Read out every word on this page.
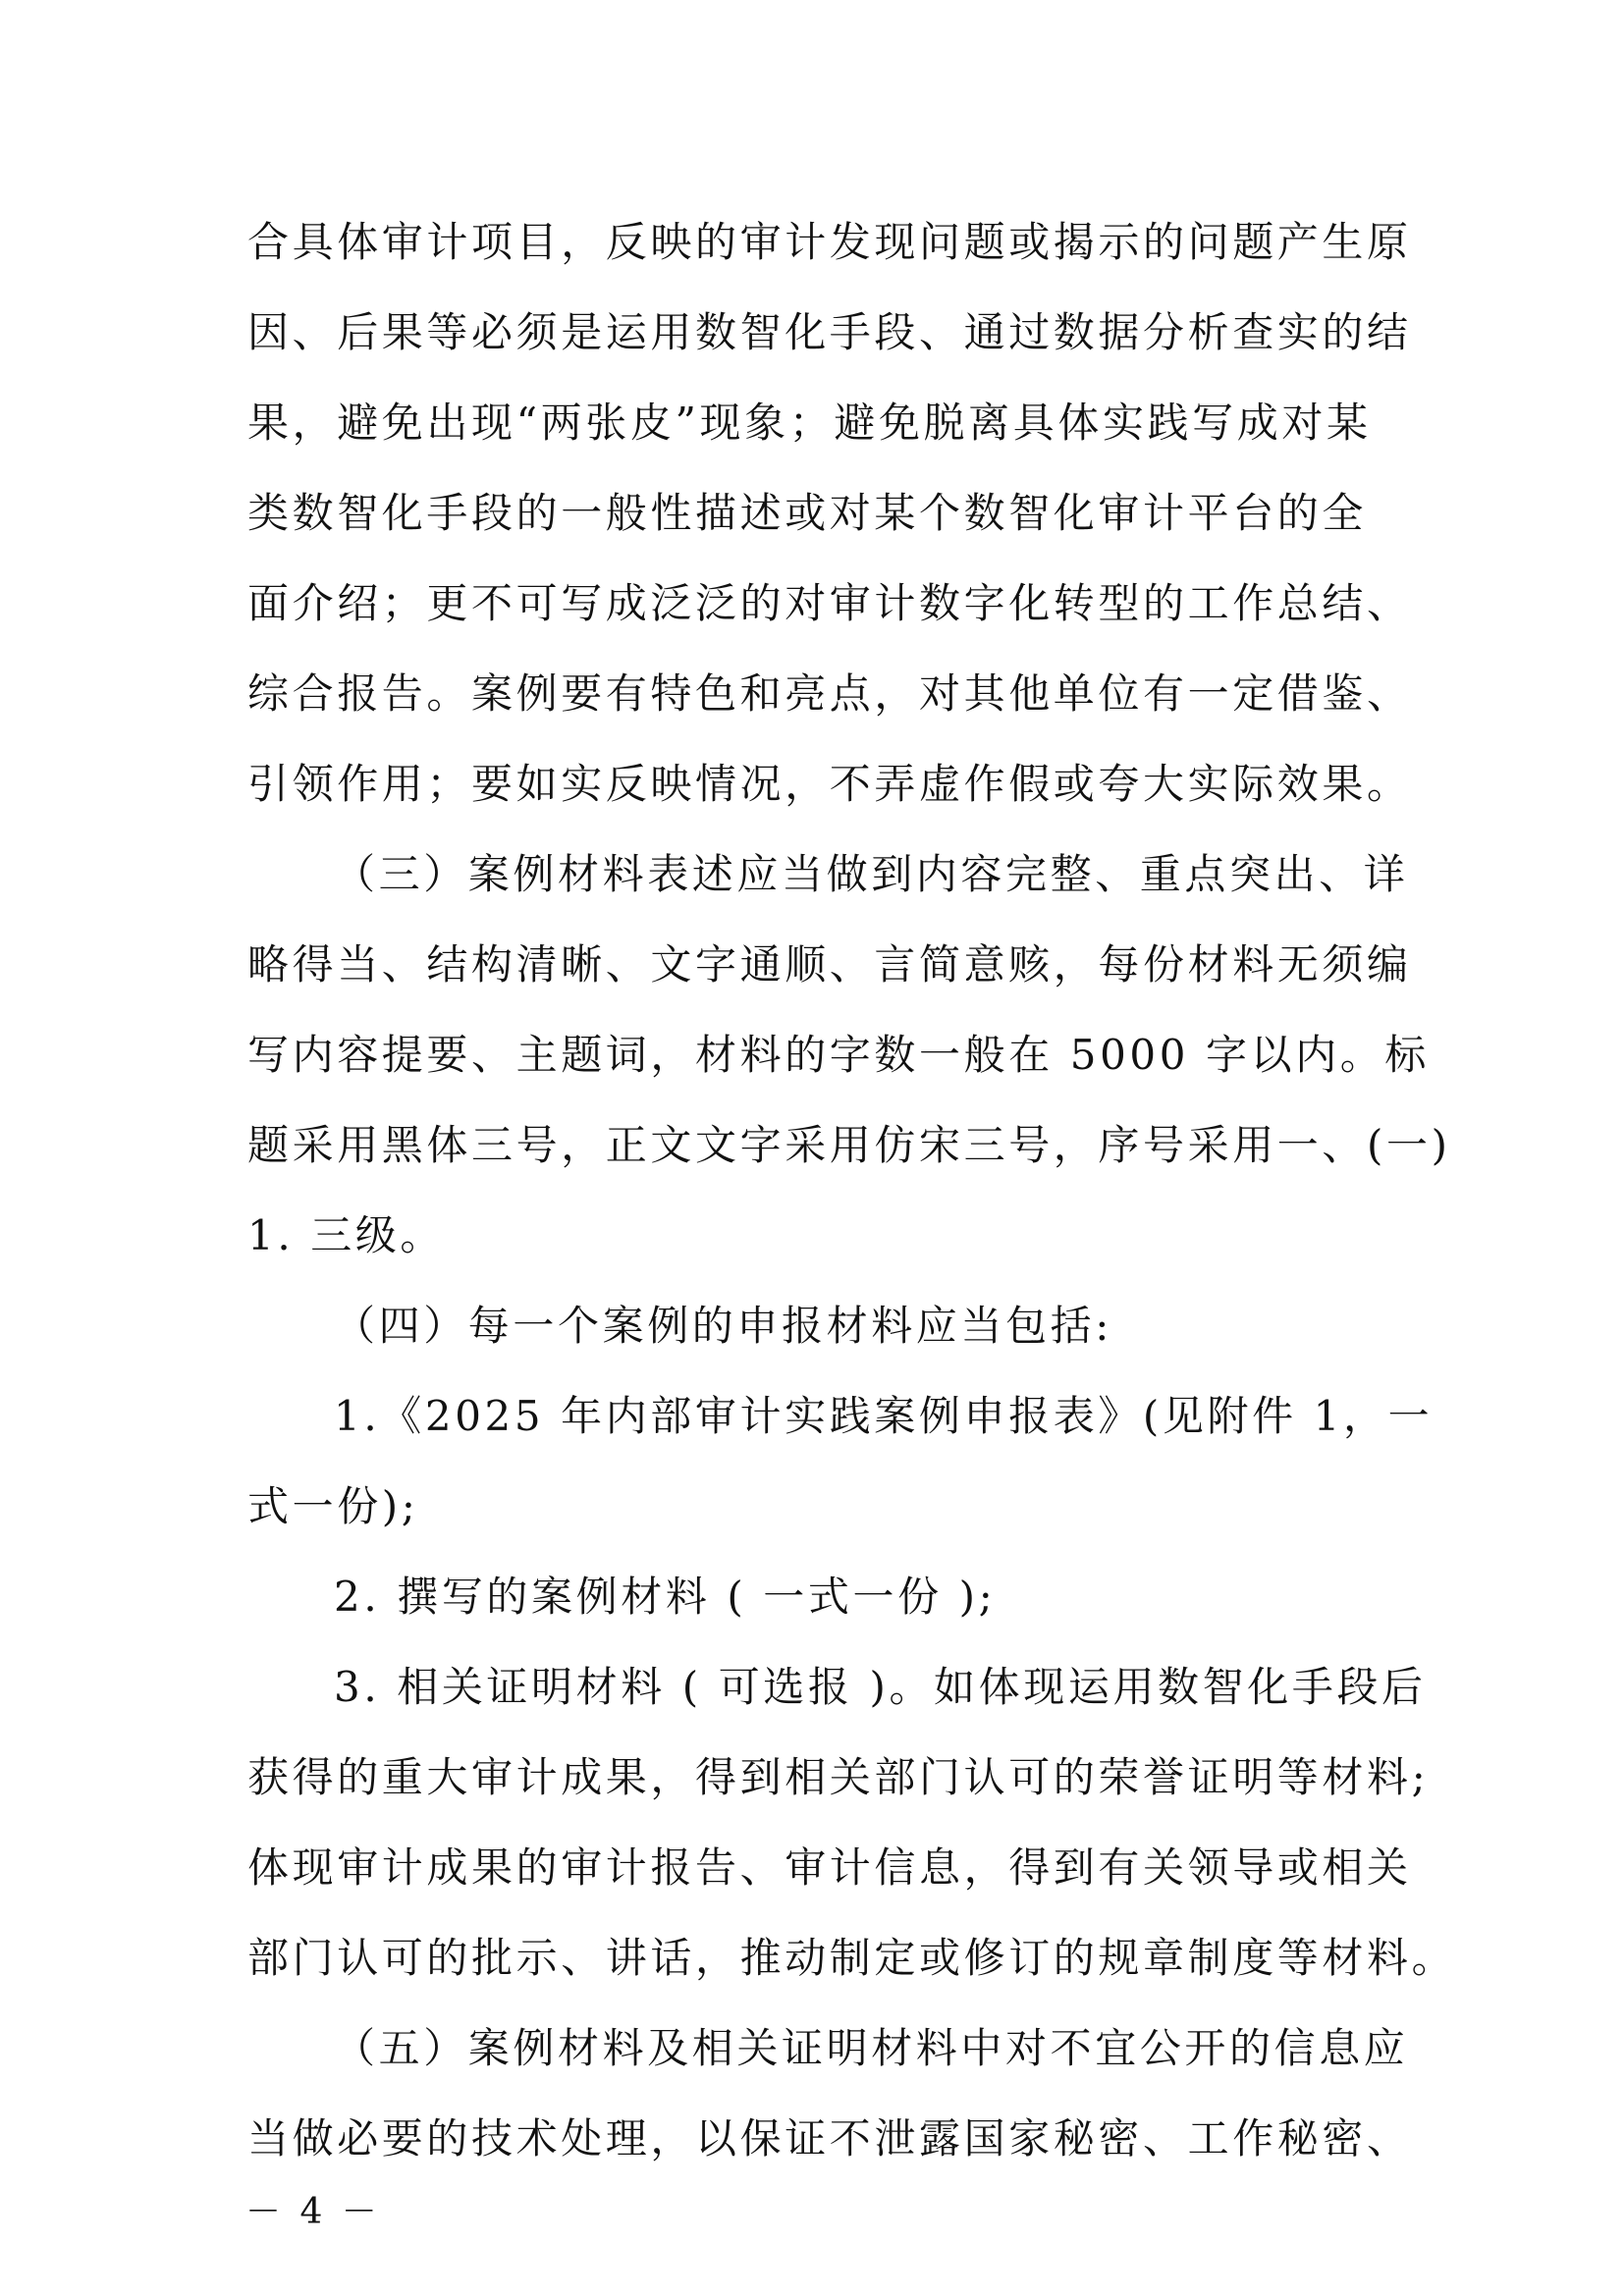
合具体审计项目，反映的审计发现问题或揭示的问题产生原
因、后果等必须是运用数智化手段、通过数据分析查实的结
果，避免出现“两张皮”现象；避免脱离具体实践写成对某
类数智化手段的一般性描述或对某个数智化审计平台的全
面介绍；更不可写成泛泛的对审计数字化转型的工作总结、
综合报告。案例要有特色和亮点，对其他单位有一定借鉴、
引领作用；要如实反映情况，不弄虚作假或夸大实际效果。
（三）案例材料表述应当做到内容完整、重点突出、详
略得当、结构清晰、文字通顺、言简意赅，每份材料无须编
写内容提要、主题词，材料的字数一般在 5000 字以内。标
题采用黑体三号，正文文字采用仿宋三号，序号采用一、(一)
1. 三级。
（四）每一个案例的申报材料应当包括:
1.《2025 年内部审计实践案例申报表》(见附件 1，一
式一份);
2. 撰写的案例材料 ( 一式一份 );
3. 相关证明材料 ( 可选报 )。如体现运用数智化手段后
获得的重大审计成果，得到相关部门认可的荣誉证明等材料;
体现审计成果的审计报告、审计信息，得到有关领导或相关
部门认可的批示、讲话，推动制定或修订的规章制度等材料。
（五）案例材料及相关证明材料中对不宜公开的信息应
当做必要的技术处理，以保证不泄露国家秘密、工作秘密、
－ 4 －
